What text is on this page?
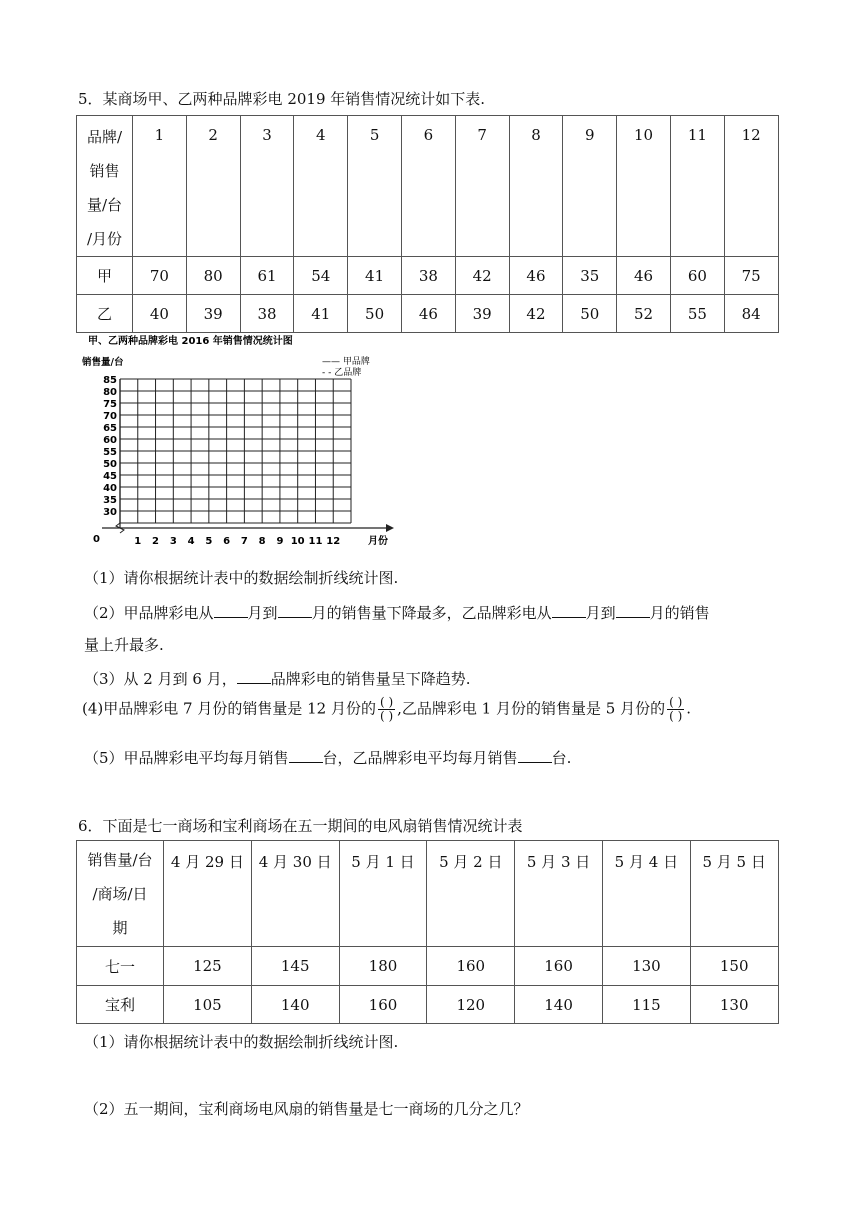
5．某商场甲、乙两种品牌彩电 2019 年销售情况统计如下表.
品牌/
销售
量/台
/月份	1	2	3	4	5	6	7	8	9	10	11	12
甲	70	80	61	54	41	38	42	46	35	46	60	75
乙	40	39	38	41	50	46	39	42	50	52	55	84
甲、乙两种品牌彩电 2016 年销售情况统计图
销售量/台	—— 甲品牌
- - 乙品牌
85
80
75
70
65
60
55
50
45
40
35
30
1 2 3 4 5 6 7 8 9 10 11 12
0	月份
（1）请你根据统计表中的数据绘制折线统计图.
（2）甲品牌彩电从 月到 月的销售量下降最多，乙品牌彩电从 月到 月的销售
量上升最多.
（3）从 2 月到 6 月， 品牌彩电的销售量呈下降趋势.
(4)甲品牌彩电 7 月份的销售量是 12 月份的 $\frac{( )}{( )}$ ,乙品牌彩电 1 月份的销售量是 5 月份的 $\frac{( )}{( )}$ .
（5）甲品牌彩电平均每月销售 台，乙品牌彩电平均每月销售 台.
6．下面是七一商场和宝利商场在五一期间的电风扇销售情况统计表
销售量/台
/商场/日
期	4 月 29 日	4 月 30 日	5 月 1 日	5 月 2 日	5 月 3 日	5 月 4 日	5 月 5 日
七一	125	145	180	160	160	130	150
宝利	105	140	160	120	140	115	130
（1）请你根据统计表中的数据绘制折线统计图.
（2）五一期间，宝利商场电风扇的销售量是七一商场的几分之几？
